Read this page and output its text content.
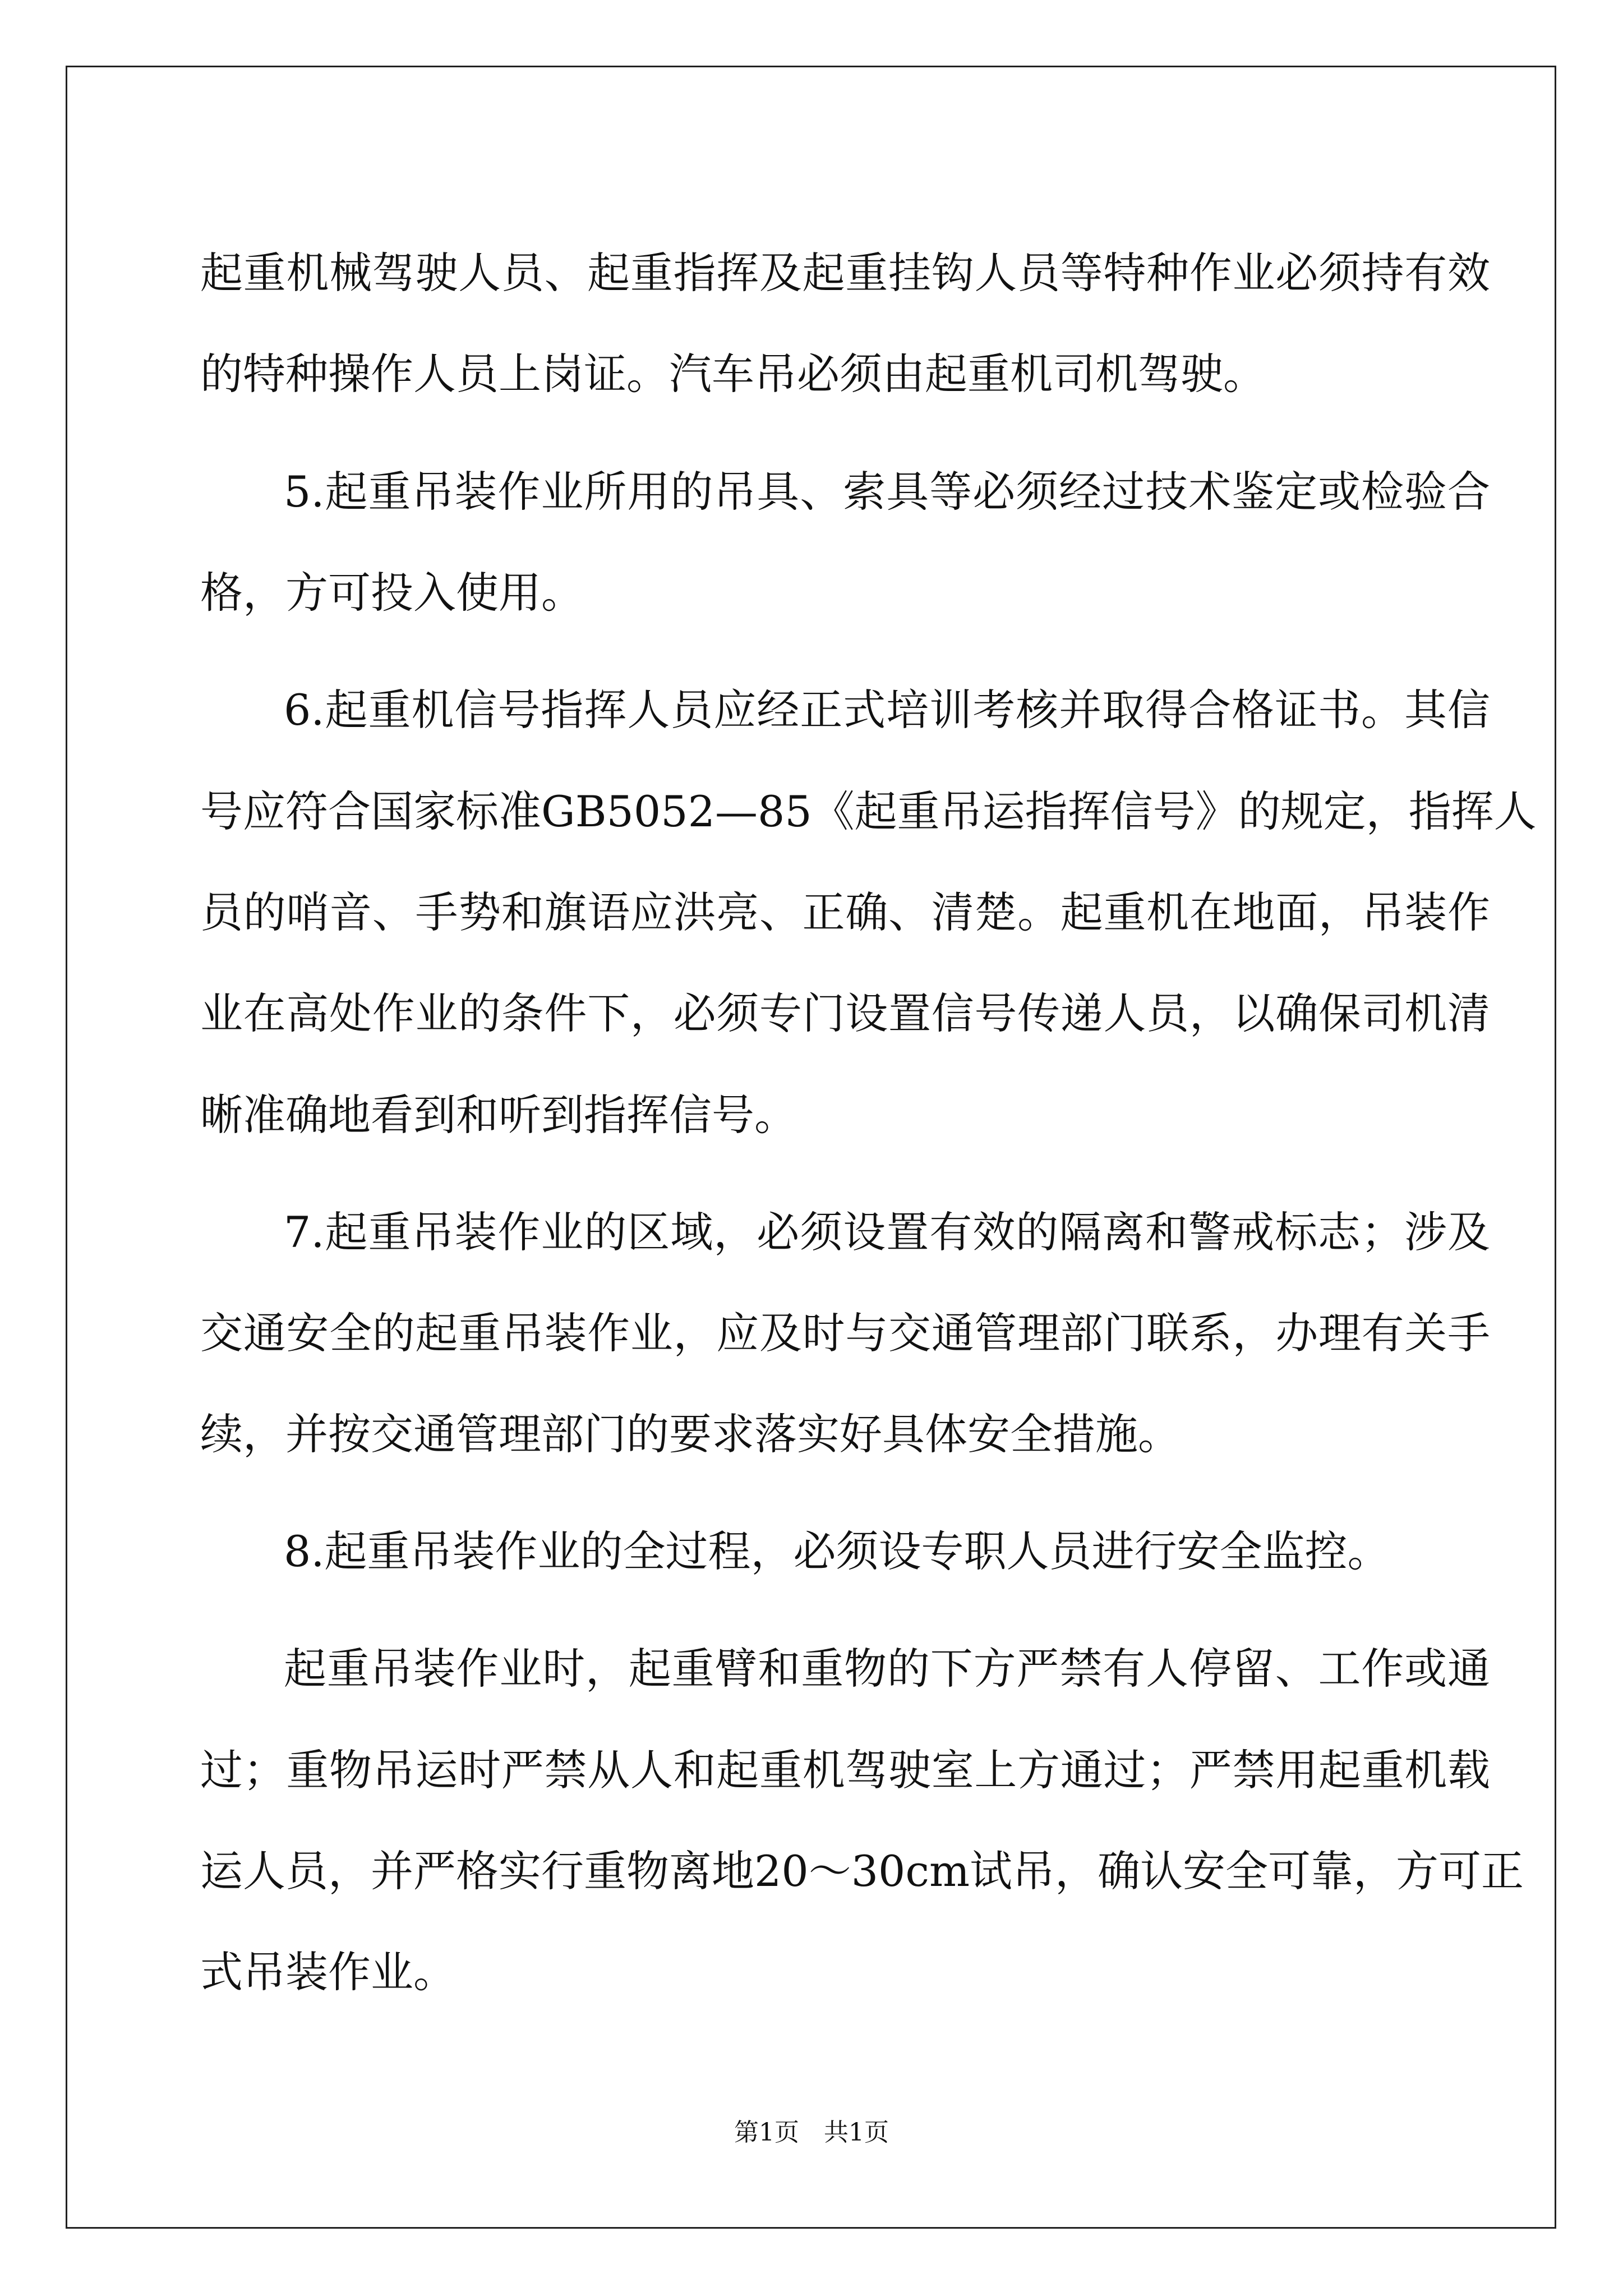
起重机械驾驶人员、起重指挥及起重挂钩人员等特种作业必须持有效
的特种操作人员上岗证。汽车吊必须由起重机司机驾驶。
5.起重吊装作业所用的吊具、索具等必须经过技术鉴定或检验合
格，方可投入使用。
6.起重机信号指挥人员应经正式培训考核并取得合格证书。其信
号应符合国家标准GB5052—85《起重吊运指挥信号》的规定，指挥人
员的哨音、手势和旗语应洪亮、正确、清楚。起重机在地面，吊装作
业在高处作业的条件下，必须专门设置信号传递人员，以确保司机清
晰准确地看到和听到指挥信号。
7.起重吊装作业的区域，必须设置有效的隔离和警戒标志；涉及
交通安全的起重吊装作业，应及时与交通管理部门联系，办理有关手
续，并按交通管理部门的要求落实好具体安全措施。
8.起重吊装作业的全过程，必须设专职人员进行安全监控。
起重吊装作业时，起重臂和重物的下方严禁有人停留、工作或通
过；重物吊运时严禁从人和起重机驾驶室上方通过；严禁用起重机载
运人员，并严格实行重物离地20～30cm试吊，确认安全可靠，方可正
式吊装作业。
第1页　共1页
